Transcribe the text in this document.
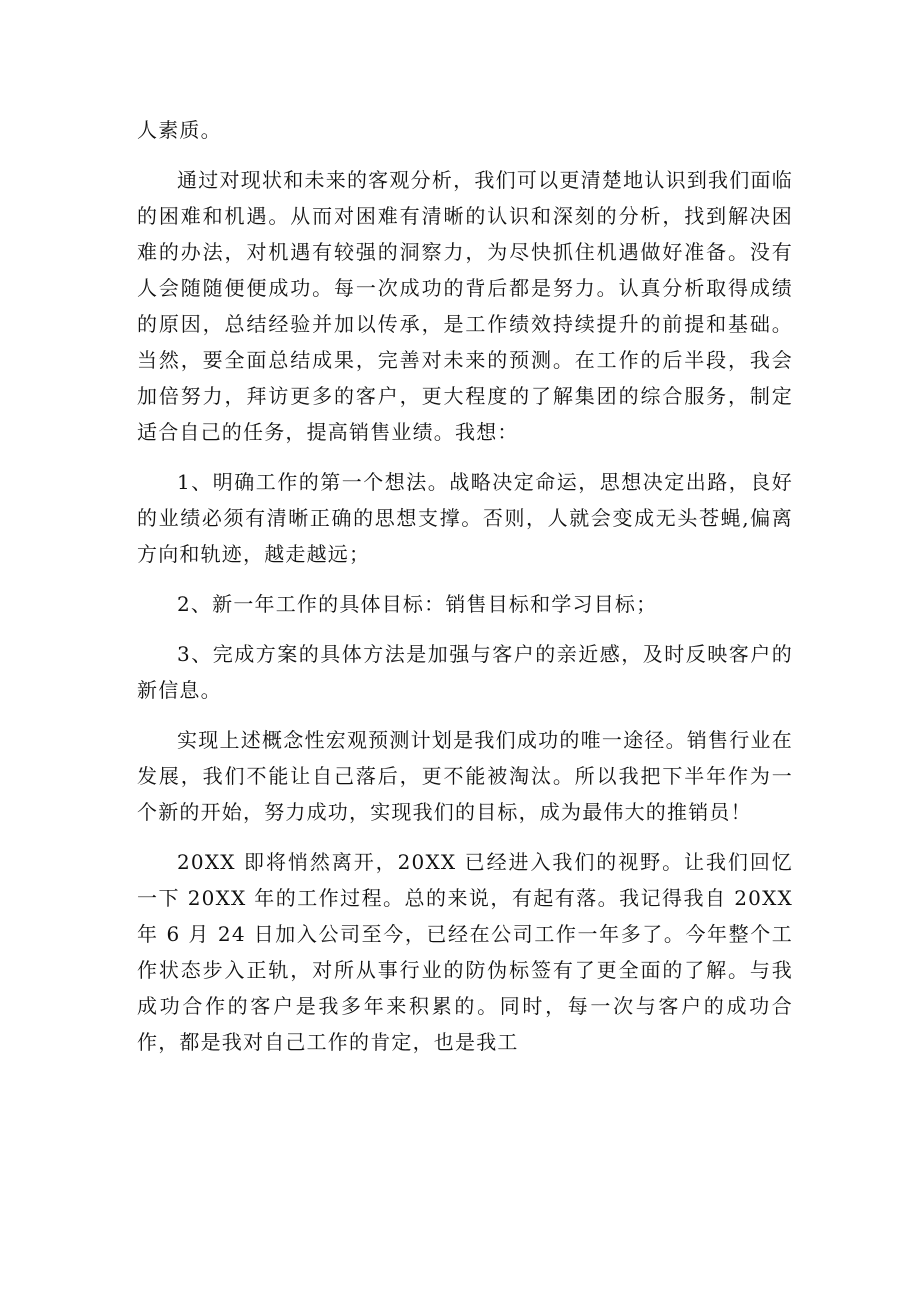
人素质。

通过对现状和未来的客观分析，我们可以更清楚地认识到我们面临的困难和机遇。从而对困难有清晰的认识和深刻的分析，找到解决困难的办法，对机遇有较强的洞察力，为尽快抓住机遇做好准备。没有人会随随便便成功。每一次成功的背后都是努力。认真分析取得成绩的原因，总结经验并加以传承，是工作绩效持续提升的前提和基础。当然，要全面总结成果，完善对未来的预测。在工作的后半段，我会加倍努力，拜访更多的客户，更大程度的了解集团的综合服务，制定适合自己的任务，提高销售业绩。我想：

1、明确工作的第一个想法。战略决定命运，思想决定出路，良好的业绩必须有清晰正确的思想支撑。否则，人就会变成无头苍蝇,偏离方向和轨迹，越走越远；

2、新一年工作的具体目标：销售目标和学习目标；

3、完成方案的具体方法是加强与客户的亲近感，及时反映客户的新信息。

实现上述概念性宏观预测计划是我们成功的唯一途径。销售行业在发展，我们不能让自己落后，更不能被淘汰。所以我把下半年作为一个新的开始，努力成功，实现我们的目标，成为最伟大的推销员！

20XX 即将悄然离开，20XX 已经进入我们的视野。让我们回忆一下 20XX 年的工作过程。总的来说，有起有落。我记得我自 20XX 年 6 月 24 日加入公司至今，已经在公司工作一年多了。今年整个工作状态步入正轨，对所从事行业的防伪标签有了更全面的了解。与我成功合作的客户是我多年来积累的。同时，每一次与客户的成功合作，都是我对自己工作的肯定，也是我工
